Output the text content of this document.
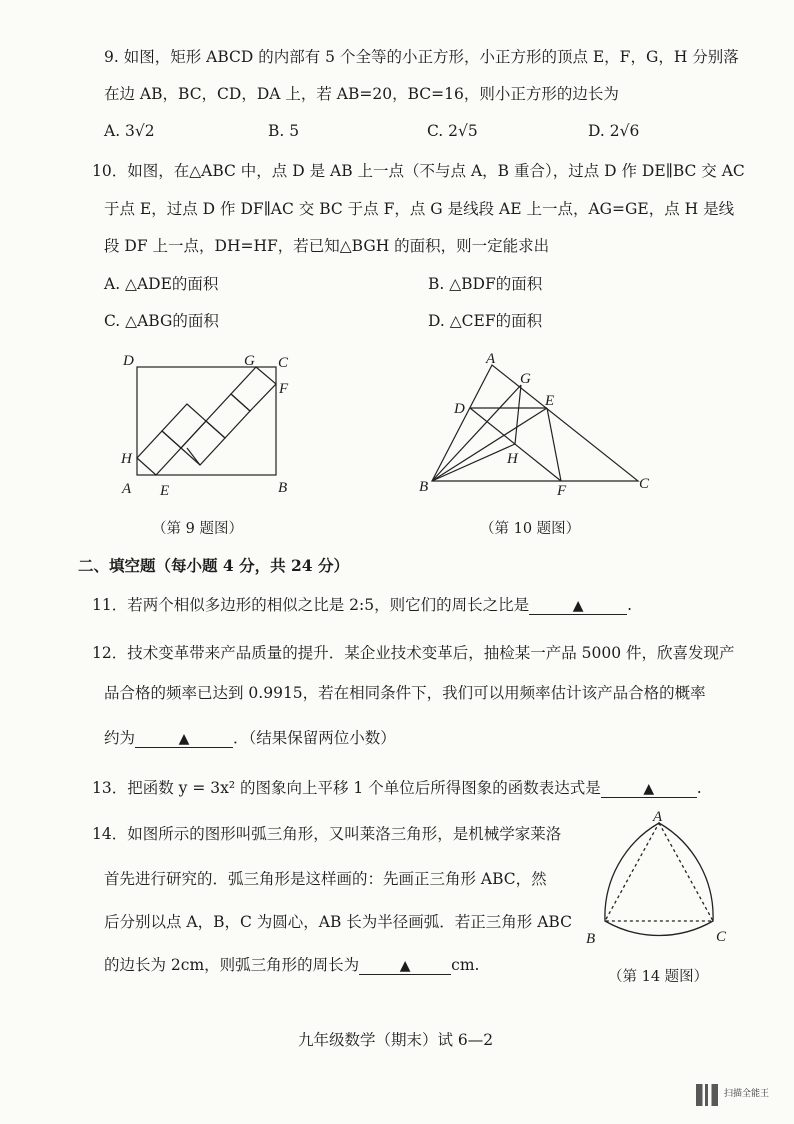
9. 如图，矩形 ABCD 的内部有 5 个全等的小正方形，小正方形的顶点 E，F，G，H 分别落
在边 AB，BC，CD，DA 上，若 AB=20，BC=16，则小正方形的边长为
A. 3√2	B. 5	C. 2√5	D. 2√6
10．如图，在△ABC 中，点 D 是 AB 上一点（不与点 A，B 重合），过点 D 作 DE∥BC 交 AC
于点 E，过点 D 作 DF∥AC 交 BC 于点 F，点 G 是线段 AE 上一点，AG=GE，点 H 是线
段 DF 上一点，DH=HF，若已知△BGH 的面积，则一定能求出
A. △ADE的面积	B. △BDF的面积
C. △ABG的面积	D. △CEF的面积
D	G C
F
H
A E	B
（第 9 题图）
A
G
D	E
H
B	F	C
（第 10 题图）
二、填空题（每小题 4 分，共 24 分）
11．若两个相似多边形的相似之比是 2:5，则它们的周长之比是	▲	.
12．技术变革带来产品质量的提升．某企业技术变革后，抽检某一产品 5000 件，欣喜发现产
品合格的频率已达到 0.9915，若在相同条件下，我们可以用频率估计该产品合格的概率
约为	▲	．（结果保留两位小数）
13．把函数 y = 3x² 的图象向上平移 1 个单位后所得图象的函数表达式是	▲	.
14．如图所示的图形叫弧三角形，又叫莱洛三角形，是机械学家莱洛
首先进行研究的．弧三角形是这样画的：先画正三角形 ABC，然
后分别以点 A，B，C 为圆心，AB 长为半径画弧．若正三角形 ABC
的边长为 2cm，则弧三角形的周长为	▲	cm.
A
B	C
（第 14 题图）
九年级数学（期末）试 6—2
扫描全能王
